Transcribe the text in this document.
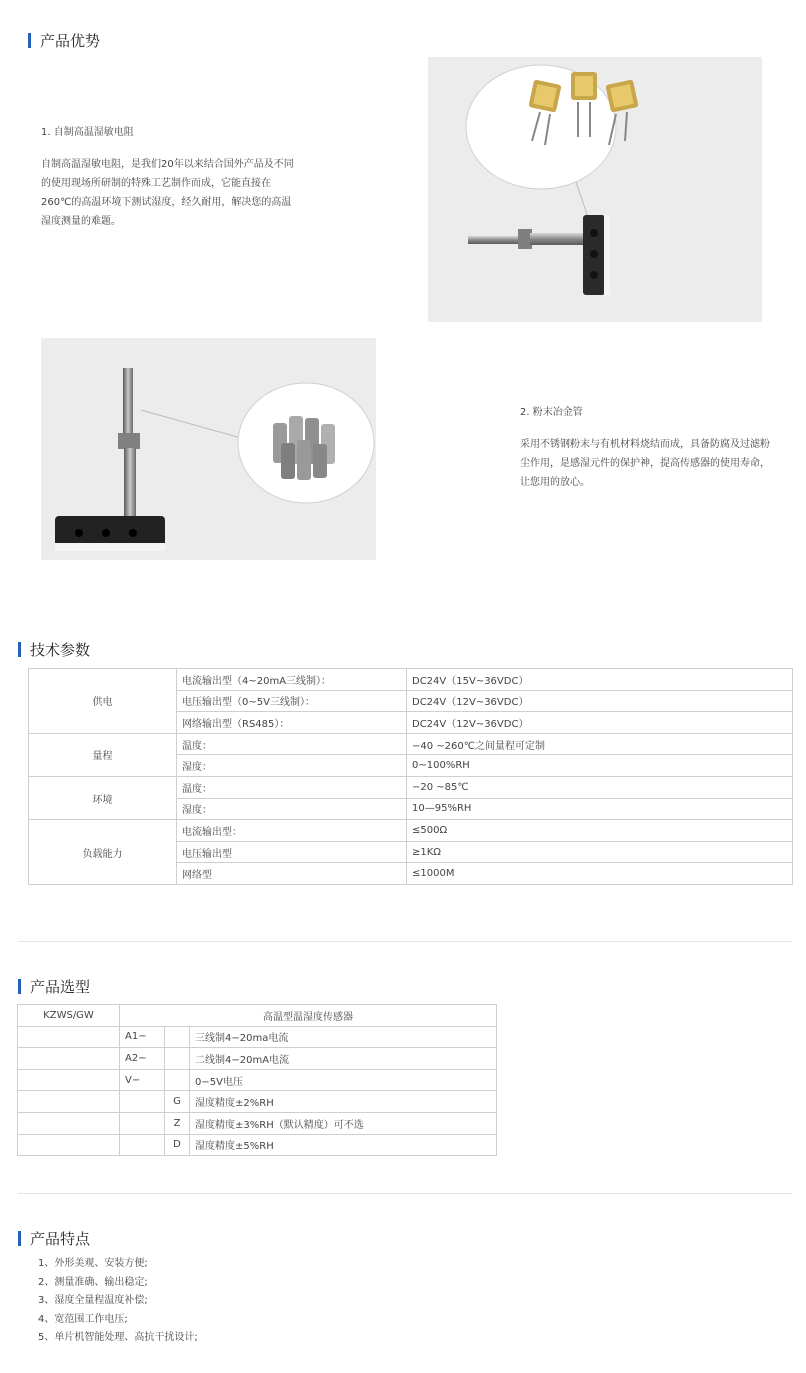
产品优势
1. 自制高温湿敏电阻
自制高温湿敏电阻，是我们20年以来结合国外产品及不同
的使用现场所研制的特殊工艺制作而成，它能直接在
260℃的高温环境下测试湿度，经久耐用，解决您的高温
湿度测量的难题。
2. 粉末冶金管
采用不锈钢粉末与有机材料烧结而成，具备防腐及过滤粉
尘作用，是感湿元件的保护神，提高传感器的使用寿命，
让您用的放心。
技术参数
供电	电流输出型（4~20mA三线制）：	DC24V（15V~36VDC）
	电压输出型（0~5V三线制）：	DC24V（12V~36VDC）
	网络输出型（RS485）：	DC24V（12V~36VDC）
量程	温度：	−40 ~260℃之间量程可定制
	湿度：	0~100%RH
环境	温度：	−20 ~85℃
	湿度：	10—95%RH
负载能力	电流输出型：	≤500Ω
	电压输出型	≥1KΩ
	网络型	≤1000M
产品选型
KZWS/GW	高温型温湿度传感器		
	A1−		三线制4−20ma电流
	A2−		二线制4−20mA电流
	V−		0−5V电压
		G	湿度精度±2%RH
		Z	湿度精度±3%RH（默认精度）可不选
		D	湿度精度±5%RH
产品特点
1、外形美观、安装方便;
2、测量准确、输出稳定;
3、湿度全量程温度补偿;
4、宽范围工作电压;
5、单片机智能处理、高抗干扰设计;
